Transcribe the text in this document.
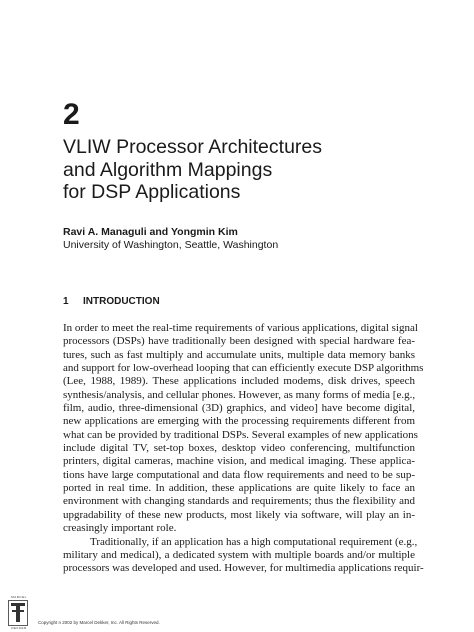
2
VLIW Processor Architectures
and Algorithm Mappings
for DSP Applications
Ravi A. Managuli and Yongmin Kim
University of Washington, Seattle, Washington
1 INTRODUCTION
In order to meet the real-time requirements of various applications, digital signal
processors (DSPs) have traditionally been designed with special hardware fea-
tures, such as fast multiply and accumulate units, multiple data memory banks
and support for low-overhead looping that can efficiently execute DSP algorithms
(Lee, 1988, 1989). These applications included modems, disk drives, speech
synthesis/analysis, and cellular phones. However, as many forms of media [e.g.,
film, audio, three-dimensional (3D) graphics, and video] have become digital,
new applications are emerging with the processing requirements different from
what can be provided by traditional DSPs. Several examples of new applications
include digital TV, set-top boxes, desktop video conferencing, multifunction
printers, digital cameras, machine vision, and medical imaging. These applica-
tions have large computational and data flow requirements and need to be sup-
ported in real time. In addition, these applications are quite likely to face an
environment with changing standards and requirements; thus the flexibility and
upgradability of these new products, most likely via software, will play an in-
creasingly important role.
Traditionally, if an application has a high computational requirement (e.g.,
military and medical), a dedicated system with multiple boards and/or multiple
processors was developed and used. However, for multimedia applications requir-
MARCEL
DEKKER
Copyright n 2002 by Marcel Dekker, Inc. All Rights Reserved.
